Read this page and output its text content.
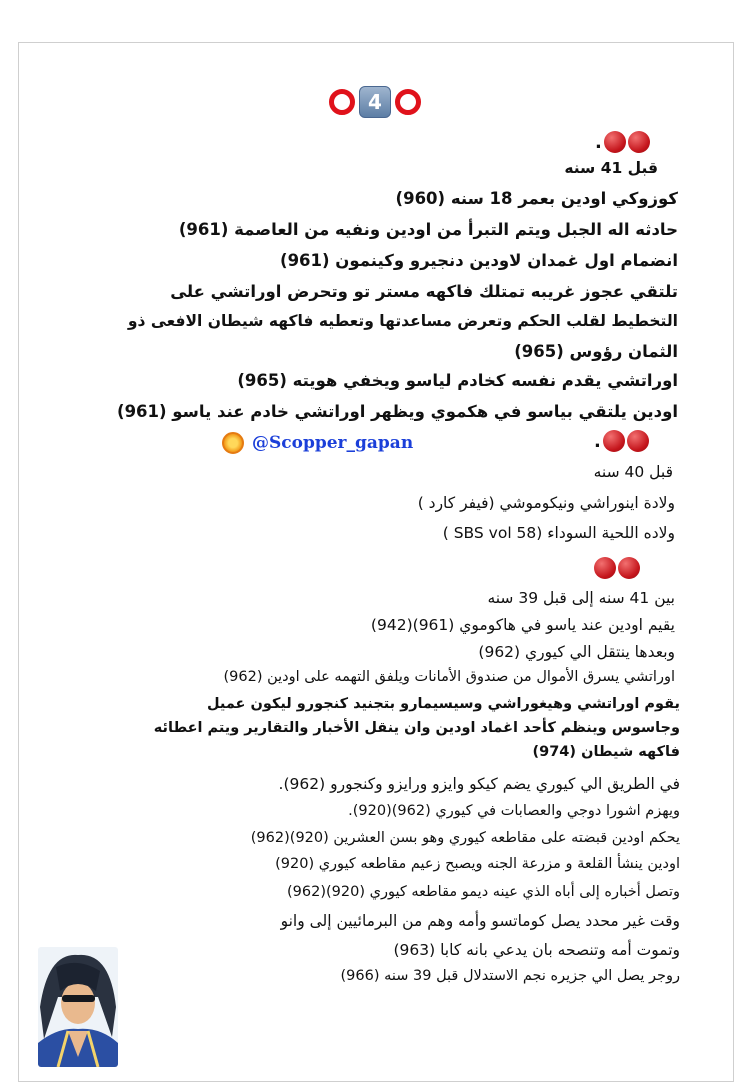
4
.
قبل 41 سنه
كوزوكي اودين بعمر 18 سنه (960)
حادثه اله الجبل ويتم التبرأ من اودين ونفيه من العاصمة (961)
انضمام اول غمدان لاودين دنجيرو وكينمون (961)
تلتقي عجوز غريبه تمتلك فاكهه مستر تو وتحرض اوراتشي على
التخطيط لقلب الحكم وتعرض مساعدتها وتعطيه فاكهه شيطان الافعى ذو
الثمان رؤوس (965)
اوراتشي يقدم نفسه كخادم لياسو ويخفي هويته (965)
اودين يلتقي بياسو في هكموي ويظهر اوراتشي خادم عند ياسو (961)
@Scopper_gapan	.
قبل 40 سنه
ولادة اينوراشي ونيكوموشي (فيفر كارد )
ولاده اللحية السوداء (SBS vol 58 )
بين 41 سنه إلى قبل 39 سنه
يقيم اودين عند ياسو في هاكوموي (961)(942)
وبعدها ينتقل الي كيوري (962)
اوراتشي يسرق الأموال من صندوق الأمانات ويلفق التهمه على اودين (962)
يقوم اوراتشي وهيغوراشي وسيسيمارو بتجنيد كنجورو ليكون عميل
وجاسوس وينظم كأحد اغماد اودين وان ينقل الأخبار والتقارير ويتم اعطائه
فاكهه شيطان (974)
في الطريق الي كيوري يضم كيكو وايزو ورايزو وكنجورو (962).
ويهزم اشورا دوجي والعصابات في كيوري (962)(920).
يحكم اودين قبضته على مقاطعه كيوري وهو بسن العشرين (920)(962)
اودين ينشأ القلعة و مزرعة الجنه ويصبح زعيم مقاطعه كيوري (920)
وتصل أخباره إلى أباه الذي عينه ديمو مقاطعه كيوري (920)(962)
وقت غير محدد يصل كوماتسو وأمه وهم من البرمائيين إلى وانو
وتموت أمه وتنصحه بان يدعي بانه كابا (963)
روجر يصل الي جزيره نجم الاستدلال قبل 39 سنه (966)
